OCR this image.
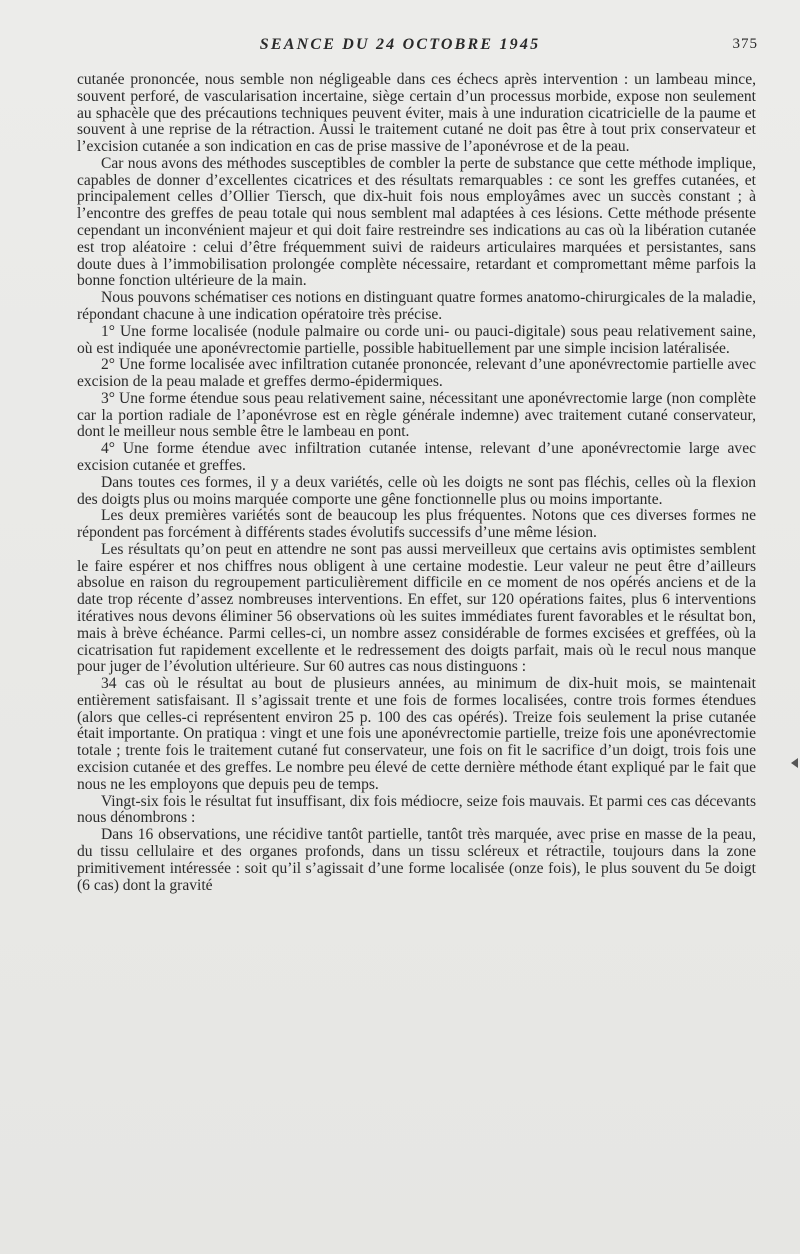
SEANCE DU 24 OCTOBRE 1945	375

cutanée prononcée, nous semble non négligeable dans ces échecs après intervention : un lambeau mince, souvent perforé, de vascularisation incertaine, siège certain d’un processus morbide, expose non seulement au sphacèle que des précautions techniques peuvent éviter, mais à une induration cicatricielle de la paume et souvent à une reprise de la rétraction. Aussi le traitement cutané ne doit pas être à tout prix conservateur et l’excision cutanée a son indication en cas de prise massive de l’aponévrose et de la peau.

Car nous avons des méthodes susceptibles de combler la perte de substance que cette méthode implique, capables de donner d’excellentes cicatrices et des résultats remarquables : ce sont les greffes cutanées, et principalement celles d’Ollier Tiersch, que dix-huit fois nous employâmes avec un succès constant ; à l’encontre des greffes de peau totale qui nous semblent mal adaptées à ces lésions. Cette méthode présente cependant un inconvénient majeur et qui doit faire restreindre ses indications au cas où la libération cutanée est trop aléatoire : celui d’être fréquemment suivi de raideurs articulaires marquées et persistantes, sans doute dues à l’immobilisation prolongée complète nécessaire, retardant et compromettant même parfois la bonne fonction ultérieure de la main.

Nous pouvons schématiser ces notions en distinguant quatre formes anatomo-chirurgicales de la maladie, répondant chacune à une indication opératoire très précise.

1° Une forme localisée (nodule palmaire ou corde uni- ou pauci-digitale) sous peau relativement saine, où est indiquée une aponévrectomie partielle, possible habituellement par une simple incision latéralisée.

2° Une forme localisée avec infiltration cutanée prononcée, relevant d’une aponévrectomie partielle avec excision de la peau malade et greffes dermo-épidermiques.

3° Une forme étendue sous peau relativement saine, nécessitant une aponévrectomie large (non complète car la portion radiale de l’aponévrose est en règle générale indemne) avec traitement cutané conservateur, dont le meilleur nous semble être le lambeau en pont.

4° Une forme étendue avec infiltration cutanée intense, relevant d’une aponévrectomie large avec excision cutanée et greffes.

Dans toutes ces formes, il y a deux variétés, celle où les doigts ne sont pas fléchis, celles où la flexion des doigts plus ou moins marquée comporte une gêne fonctionnelle plus ou moins importante.

Les deux premières variétés sont de beaucoup les plus fréquentes. Notons que ces diverses formes ne répondent pas forcément à différents stades évolutifs successifs d’une même lésion.

Les résultats qu’on peut en attendre ne sont pas aussi merveilleux que certains avis optimistes semblent le faire espérer et nos chiffres nous obligent à une certaine modestie. Leur valeur ne peut être d’ailleurs absolue en raison du regroupement particulièrement difficile en ce moment de nos opérés anciens et de la date trop récente d’assez nombreuses interventions. En effet, sur 120 opérations faites, plus 6 interventions itératives nous devons éliminer 56 observations où les suites immédiates furent favorables et le résultat bon, mais à brève échéance. Parmi celles-ci, un nombre assez considérable de formes excisées et greffées, où la cicatrisation fut rapidement excellente et le redressement des doigts parfait, mais où le recul nous manque pour juger de l’évolution ultérieure. Sur 60 autres cas nous distinguons :

34 cas où le résultat au bout de plusieurs années, au minimum de dix-huit mois, se maintenait entièrement satisfaisant. Il s’agissait trente et une fois de formes localisées, contre trois formes étendues (alors que celles-ci représentent environ 25 p. 100 des cas opérés). Treize fois seulement la prise cutanée était importante. On pratiqua : vingt et une fois une aponévrectomie partielle, treize fois une aponévrectomie totale ; trente fois le traitement cutané fut conservateur, une fois on fit le sacrifice d’un doigt, trois fois une excision cutanée et des greffes. Le nombre peu élevé de cette dernière méthode étant expliqué par le fait que nous ne les employons que depuis peu de temps.

Vingt-six fois le résultat fut insuffisant, dix fois médiocre, seize fois mauvais. Et parmi ces cas décevants nous dénombrons :

Dans 16 observations, une récidive tantôt partielle, tantôt très marquée, avec prise en masse de la peau, du tissu cellulaire et des organes profonds, dans un tissu scléreux et rétractile, toujours dans la zone primitivement intéressée : soit qu’il s’agissait d’une forme localisée (onze fois), le plus souvent du 5e doigt (6 cas) dont la gravité
